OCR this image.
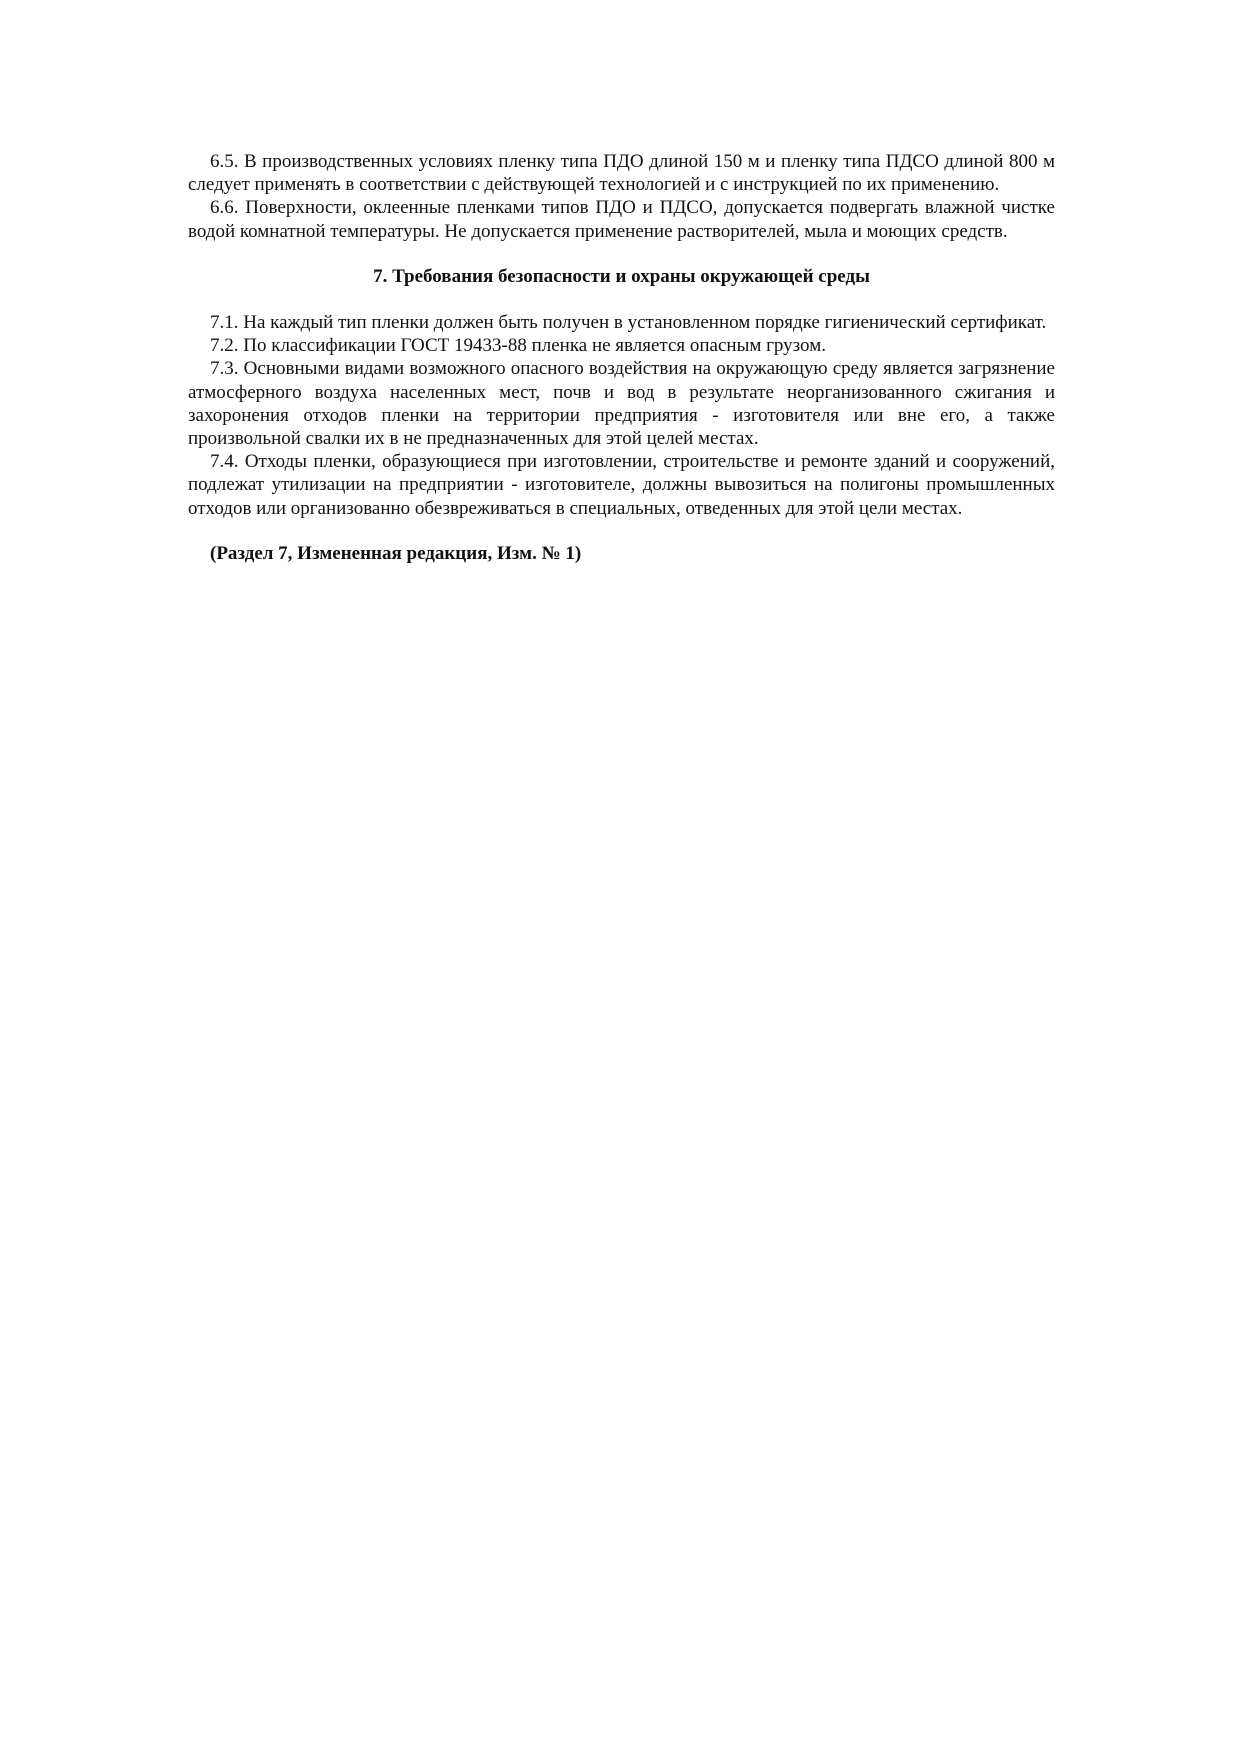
6.5. В производственных условиях пленку типа ПДО длиной 150 м и пленку типа ПДСО длиной 800 м следует применять в соответствии с действующей технологией и с инструкцией по их применению.

6.6. Поверхности, оклеенные пленками типов ПДО и ПДСО, допускается подвергать влажной чистке водой комнатной температуры. Не допускается применение растворителей, мыла и моющих средств.

7. Требования безопасности и охраны окружающей среды

7.1. На каждый тип пленки должен быть получен в установленном порядке гигиенический сертификат.

7.2. По классификации ГОСТ 19433-88 пленка не является опасным грузом.

7.3. Основными видами возможного опасного воздействия на окружающую среду является загрязнение атмосферного воздуха населенных мест, почв и вод в результате неорганизованного сжигания и захоронения отходов пленки на территории предприятия - изготовителя или вне его, а также произвольной свалки их в не предназначенных для этой целей местах.

7.4. Отходы пленки, образующиеся при изготовлении, строительстве и ремонте зданий и сооружений, подлежат утилизации на предприятии - изготовителе, должны вывозиться на полигоны промышленных отходов или организованно обезвреживаться в специальных, отведенных для этой цели местах.

(Раздел 7, Измененная редакция, Изм. № 1)
